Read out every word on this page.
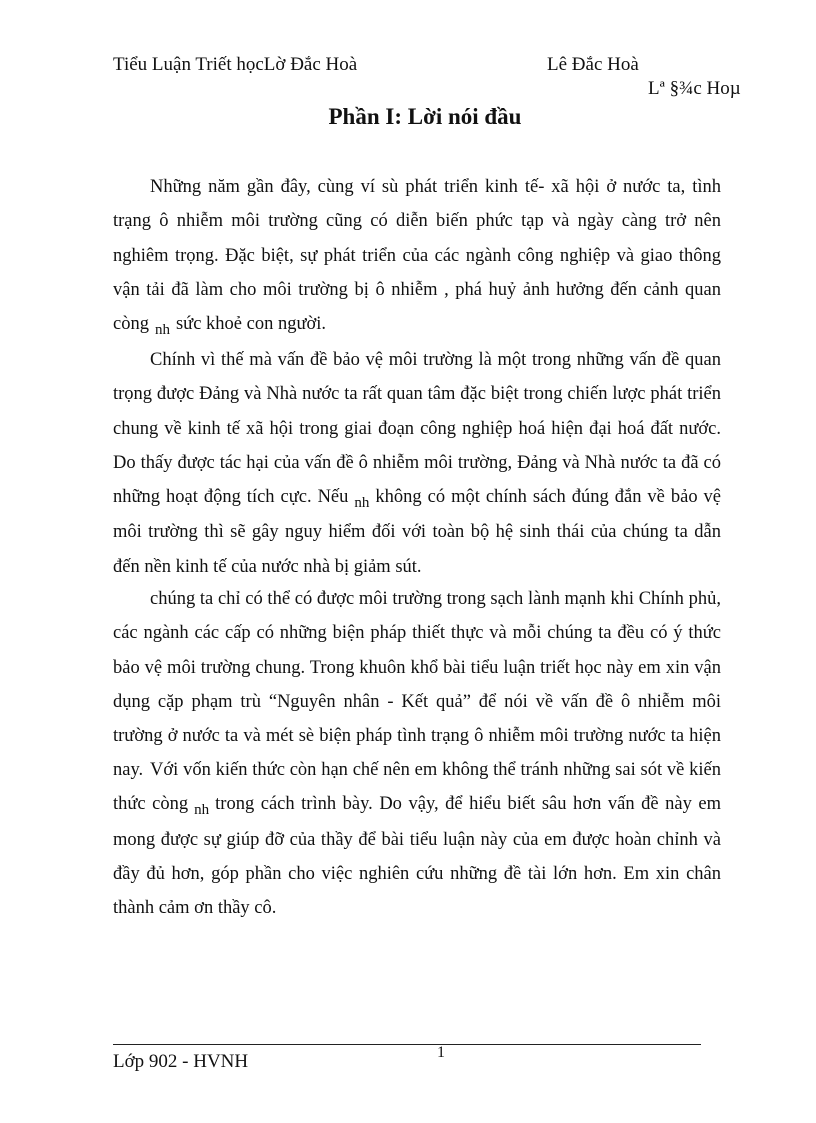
Tiểu Luận Triết họcLờ Đắc Hoà	Lê Đắc Hoà
Lª §¾c Hoµ
Phần I: Lời nói đầu

Những năm gần đây, cùng ví sù phát triển kinh tế- xã hội ở nước ta, tình trạng ô nhiễm môi trường cũng có diễn biến phức tạp và ngày càng trở nên nghiêm trọng. Đặc biệt, sự phát triển của các ngành công nghiệp và giao thông vận tải đã làm cho môi trường bị ô nhiễm , phá huỷ ảnh hưởng đến cảnh quan còng $_{nh}$ sức khoẻ con người.

Chính vì thế mà vấn đề bảo vệ môi trường là một trong những vấn đề quan trọng được Đảng và Nhà nước ta rất quan tâm đặc biệt trong chiến lược phát triển chung về kinh tế xã hội trong giai đoạn công nghiệp hoá hiện đại hoá đất nước. Do thấy được tác hại của vấn đề ô nhiễm môi trường, Đảng và Nhà nước ta đã có những hoạt động tích cực. Nếu $_{nh}$ không có một chính sách đúng đắn về bảo vệ môi trường thì sẽ gây nguy hiểm đối với toàn bộ hệ sinh thái của chúng ta dẫn đến nền kinh tế của nước nhà bị giảm sút.

chúng ta chỉ có thể có được môi trường trong sạch lành mạnh khi Chính phủ, các ngành các cấp có những biện pháp thiết thực và mỗi chúng ta đều có ý thức bảo vệ môi trường chung. Trong khuôn khổ bài tiểu luận triết học này em xin vận dụng cặp phạm trù “Nguyên nhân - Kết quả” để nói về vấn đề ô nhiễm môi trường ở nước ta và mét sè biện pháp tình trạng ô nhiễm môi trường nước ta hiện nay. Với vốn kiến thức còn hạn chế nên em không thể tránh những sai sót về kiến thức còng $_{nh}$ trong cách trình bày. Do vậy, để hiểu biết sâu hơn vấn đề này em mong được sự giúp đỡ của thầy để bài tiểu luận này của em được hoàn chỉnh và đầy đủ hơn, góp phần cho việc nghiên cứu những đề tài lớn hơn. Em xin chân thành cảm ơn thầy cô.

1
Lớp 902 - HVNH
